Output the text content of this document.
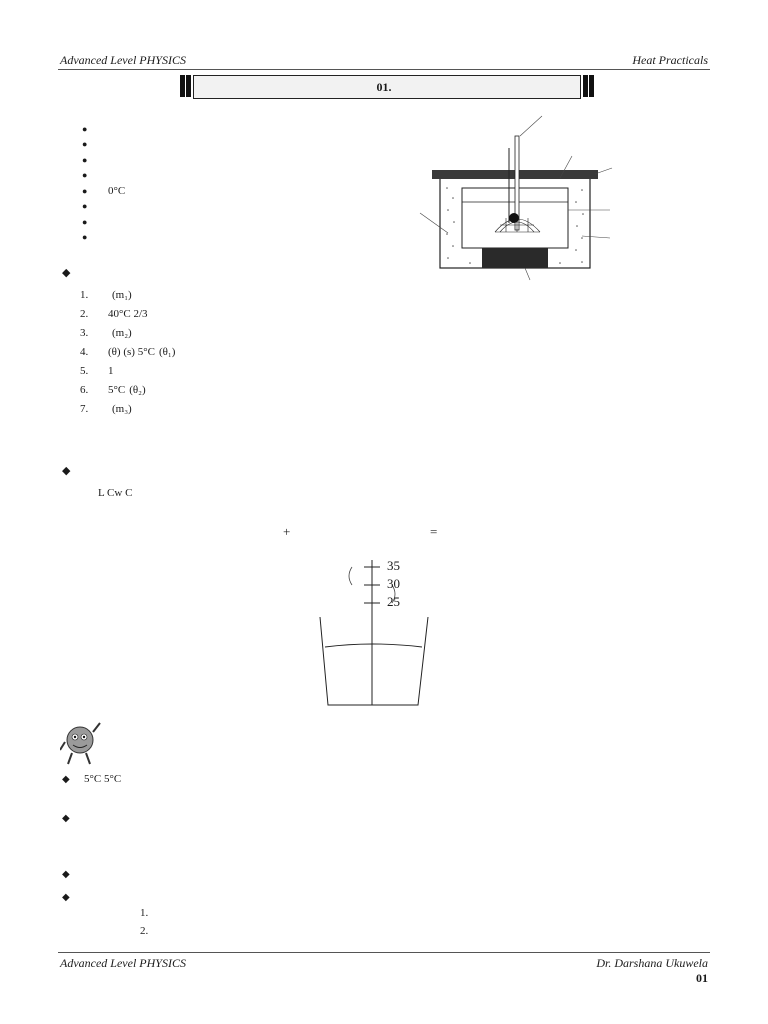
Advanced Level PHYSICS	Heat Practicals
01.
●
●
●
●
●	0°C
●
●
●
◆
1.	(m₁)
2.	40°C 2/3
3.	(m₂)
4.	(θ) (s) 5°C (θ₁)
5.	1
6.	5°C (θ₂)
7.	(m₃)
◆
L Cw C
+	=
35
30
25
◆	5°C 5°C
◆
◆
◆
1.
2.
Advanced Level PHYSICS	Dr. Darshana Ukuwela
01
